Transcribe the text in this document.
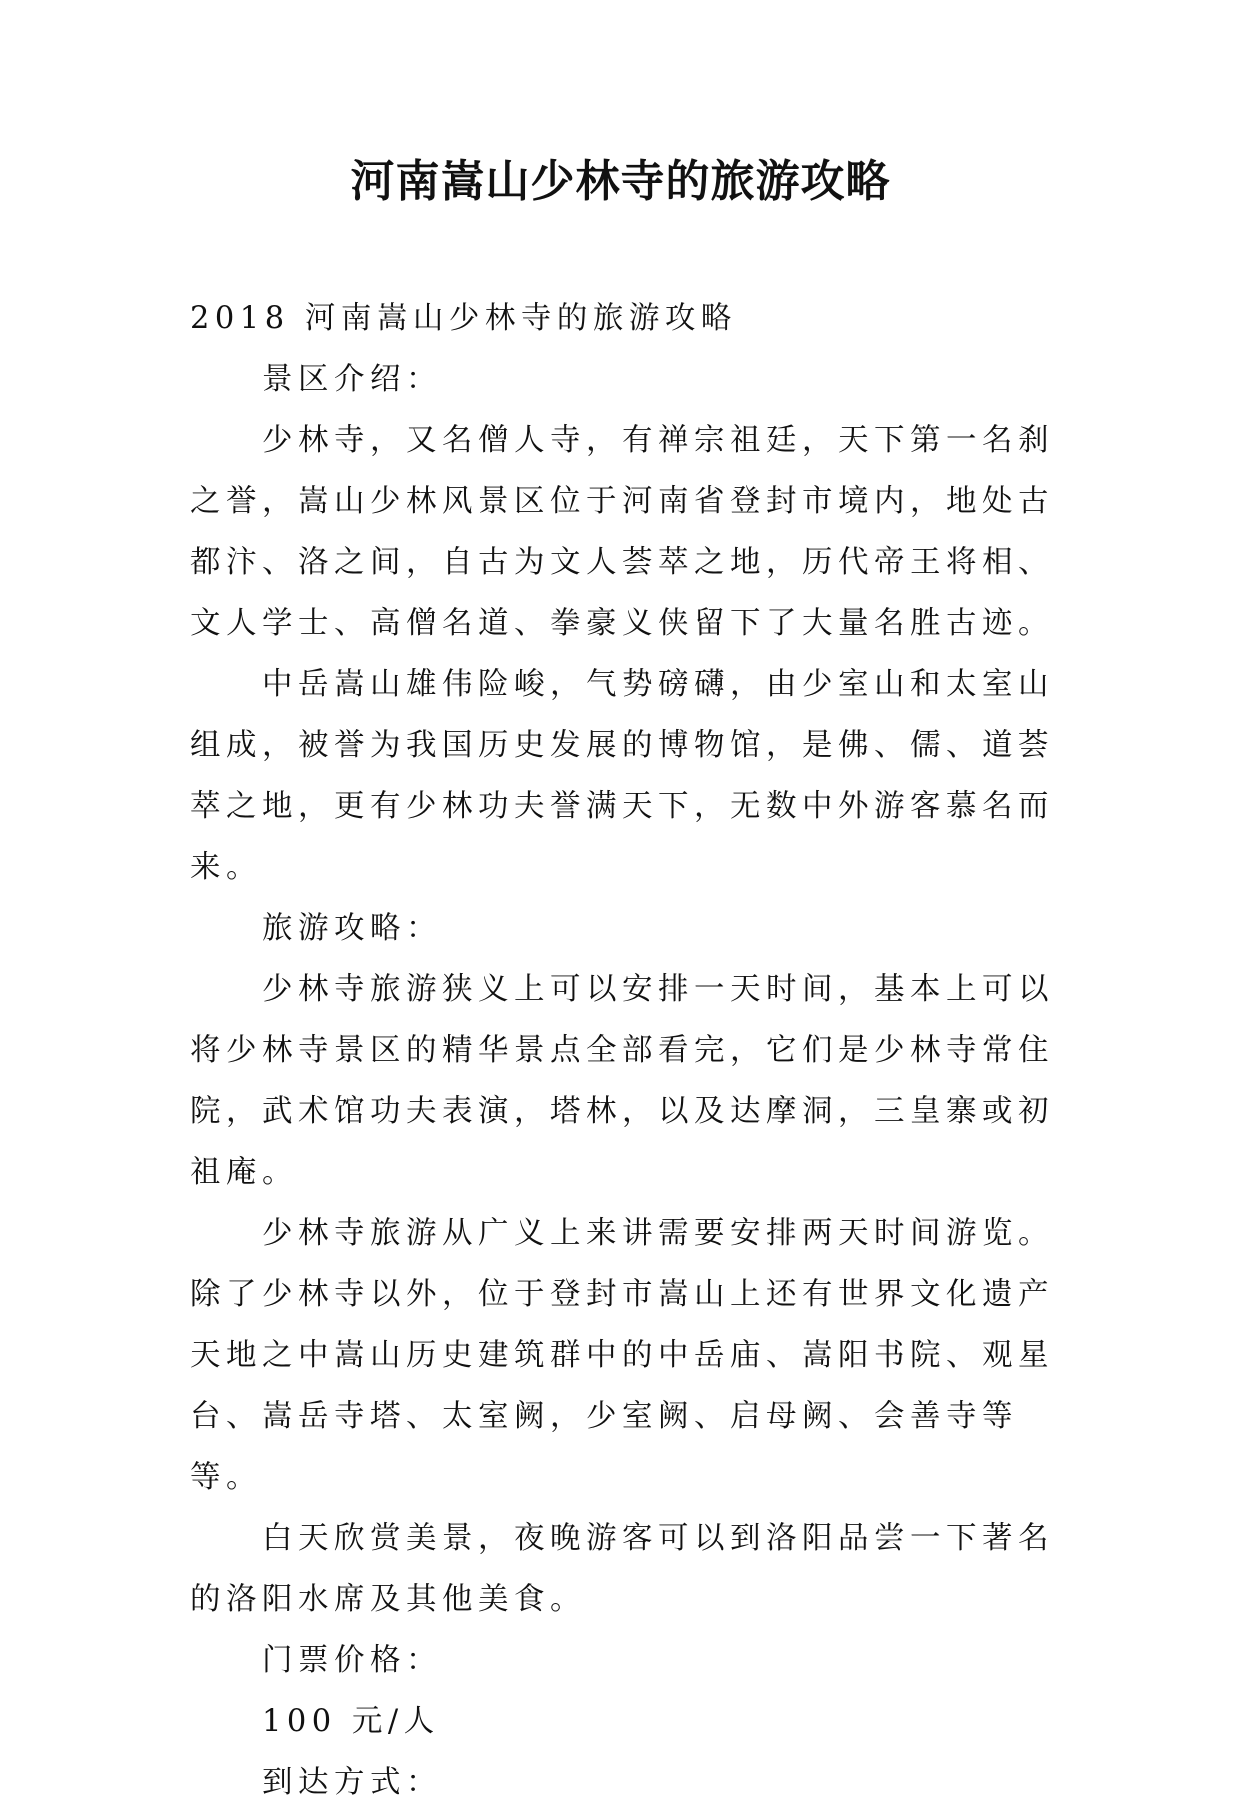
河南嵩山少林寺的旅游攻略

2018 河南嵩山少林寺的旅游攻略

景区介绍：

少林寺，又名僧人寺，有禅宗祖廷，天下第一名刹之誉，嵩山少林风景区位于河南省登封市境内，地处古都汴、洛之间，自古为文人荟萃之地，历代帝王将相、文人学士、高僧名道、拳豪义侠留下了大量名胜古迹。

中岳嵩山雄伟险峻，气势磅礴，由少室山和太室山组成，被誉为我国历史发展的博物馆，是佛、儒、道荟萃之地，更有少林功夫誉满天下，无数中外游客慕名而来。

旅游攻略：

少林寺旅游狭义上可以安排一天时间，基本上可以将少林寺景区的精华景点全部看完，它们是少林寺常住院，武术馆功夫表演，塔林，以及达摩洞，三皇寨或初祖庵。

少林寺旅游从广义上来讲需要安排两天时间游览。除了少林寺以外，位于登封市嵩山上还有世界文化遗产天地之中嵩山历史建筑群中的中岳庙、嵩阳书院、观星台、嵩岳寺塔、太室阙，少室阙、启母阙、会善寺等等。

白天欣赏美景，夜晚游客可以到洛阳品尝一下著名的洛阳水席及其他美食。

门票价格：

100 元/人

到达方式：
